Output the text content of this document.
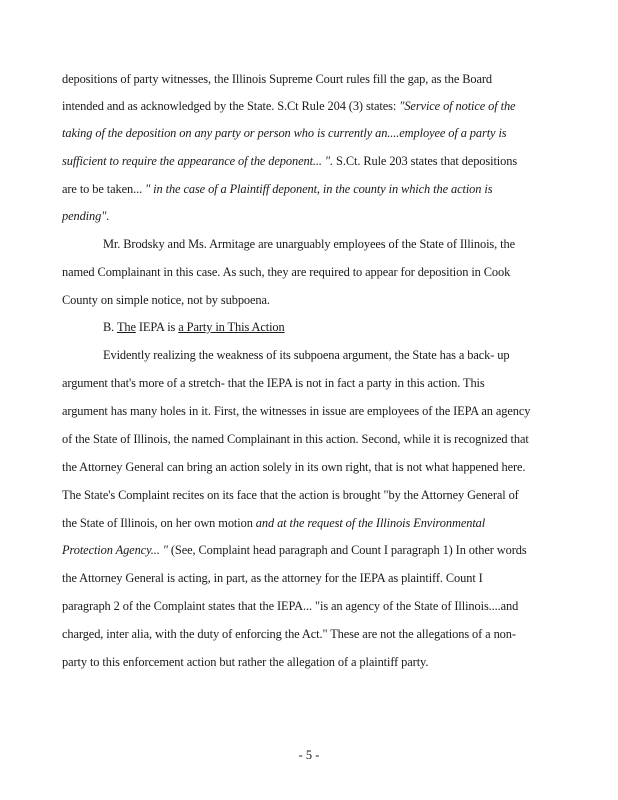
depositions of party witnesses, the Illinois Supreme Court rules fill the gap, as the Board
intended and as acknowledged by the State. S.Ct Rule 204 (3) states: "Service of notice of the
taking of the deposition on any party or person who is currently an....employee of a party is
sufficient to require the appearance of the deponent... ". S.Ct. Rule 203 states that depositions
are to be taken... " in the case of a Plaintiff deponent, in the county in which the action is
pending".
Mr. Brodsky and Ms. Armitage are unarguably employees of the State of Illinois, the
named Complainant in this case. As such, they are required to appear for deposition in Cook
County on simple notice, not by subpoena.
B. The IEPA is a Party in This Action
Evidently realizing the weakness of its subpoena argument, the State has a back- up
argument that's more of a stretch- that the IEPA is not in fact a party in this action. This
argument has many holes in it. First, the witnesses in issue are employees of the IEPA an agency
of the State of Illinois, the named Complainant in this action. Second, while it is recognized that
the Attorney General can bring an action solely in its own right, that is not what happened here.
The State's Complaint recites on its face that the action is brought "by the Attorney General of
the State of Illinois, on her own motion and at the request of the Illinois Environmental
Protection Agency... " (See, Complaint head paragraph and Count I paragraph 1) In other words
the Attorney General is acting, in part, as the attorney for the IEPA as plaintiff. Count I
paragraph 2 of the Complaint states that the IEPA... "is an agency of the State of Illinois....and
charged, inter alia, with the duty of enforcing the Act." These are not the allegations of a non-
party to this enforcement action but rather the allegation of a plaintiff party.
- 5 -
